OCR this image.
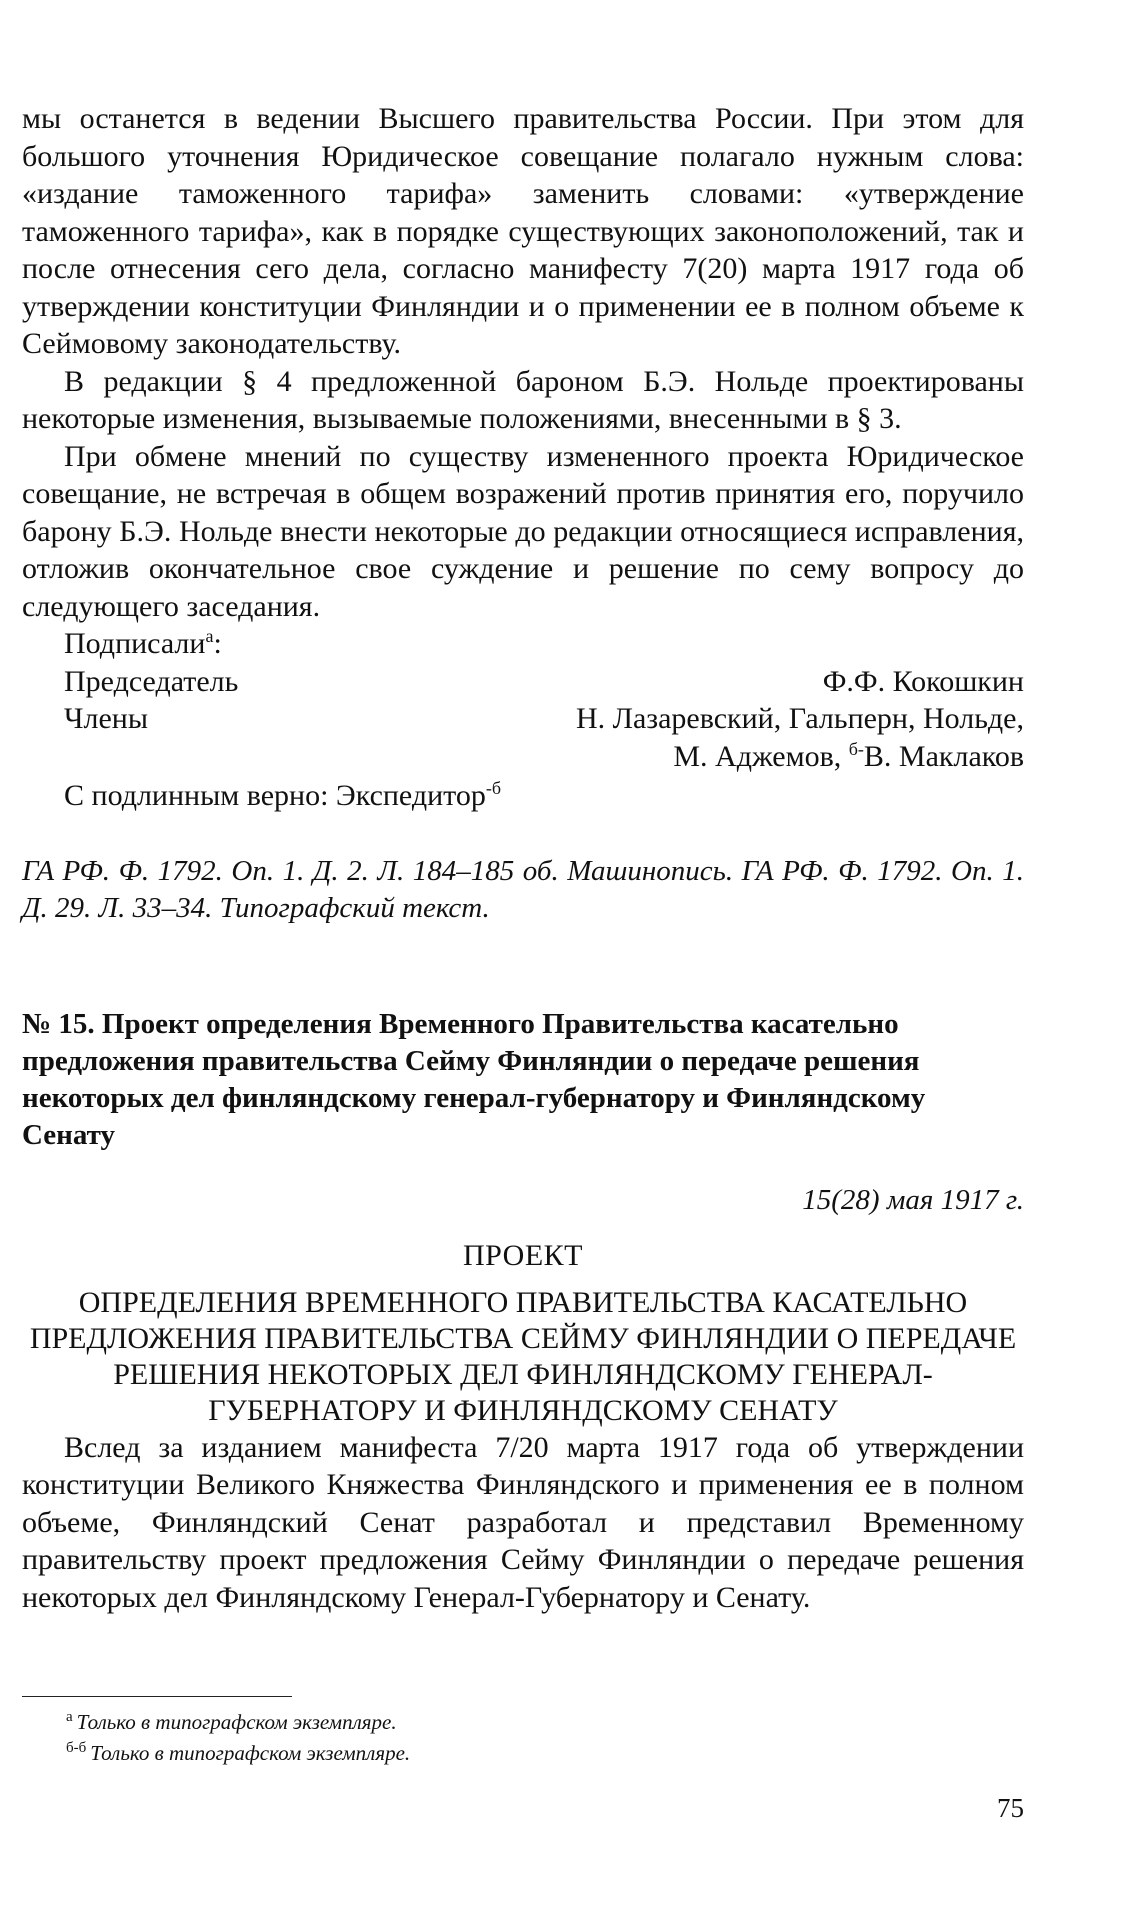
мы останется в ведении Высшего правительства России. При этом для большого уточнения Юридическое совещание полагало нужным слова: «издание таможенного тарифа» заменить словами: «утверждение таможенного тарифа», как в порядке существующих законоположений, так и после отнесения сего дела, согласно манифесту 7(20) марта 1917 года об утверждении конституции Финляндии и о применении ее в полном объеме к Сеймовому законодательству.

В редакции § 4 предложенной бароном Б.Э. Нольде проектированы некоторые изменения, вызываемые положениями, внесенными в § 3.

При обмене мнений по существу измененного проекта Юридическое совещание, не встречая в общем возражений против принятия его, поручило барону Б.Э. Нольде внести некоторые до редакции относящиеся исправления, отложив окончательное свое суждение и решение по сему вопросу до следующего заседания.

Подписали$^а$:
Председатель	Ф.Ф. Кокошкин
Члены	Н. Лазаревский, Гальперн, Нольде,
М. Аджемов, $^{б-}$В. Маклаков
С подлинным верно: Экспедитор$^{-б}$
ГА РФ. Ф. 1792. Оп. 1. Д. 2. Л. 184–185 об. Машинопись. ГА РФ. Ф. 1792. Оп. 1. Д. 29. Л. 33–34. Типографский текст.
№ 15. Проект определения Временного Правительства касательно предложения правительства Сейму Финляндии о передаче решения некоторых дел финляндскому генерал-губернатору и Финляндскому Сенату
15(28) мая 1917 г.
ПРОЕКТ
ОПРЕДЕЛЕНИЯ ВРЕМЕННОГО ПРАВИТЕЛЬСТВА КАСАТЕЛЬНО ПРЕДЛОЖЕНИЯ ПРАВИТЕЛЬСТВА СЕЙМУ ФИНЛЯНДИИ О ПЕРЕДАЧЕ РЕШЕНИЯ НЕКОТОРЫХ ДЕЛ ФИНЛЯНДСКОМУ ГЕНЕРАЛ-ГУБЕРНАТОРУ И ФИНЛЯНДСКОМУ СЕНАТУ

Вслед за изданием манифеста 7/20 марта 1917 года об утверждении конституции Великого Княжества Финляндского и применения ее в полном объеме, Финляндский Сенат разработал и представил Временному правительству проект предложения Сейму Финляндии о передаче решения некоторых дел Финляндскому Генерал-Губернатору и Сенату.

$^а$ Только в типографском экземпляре.
$^{б-б}$ Только в типографском экземпляре.
75
